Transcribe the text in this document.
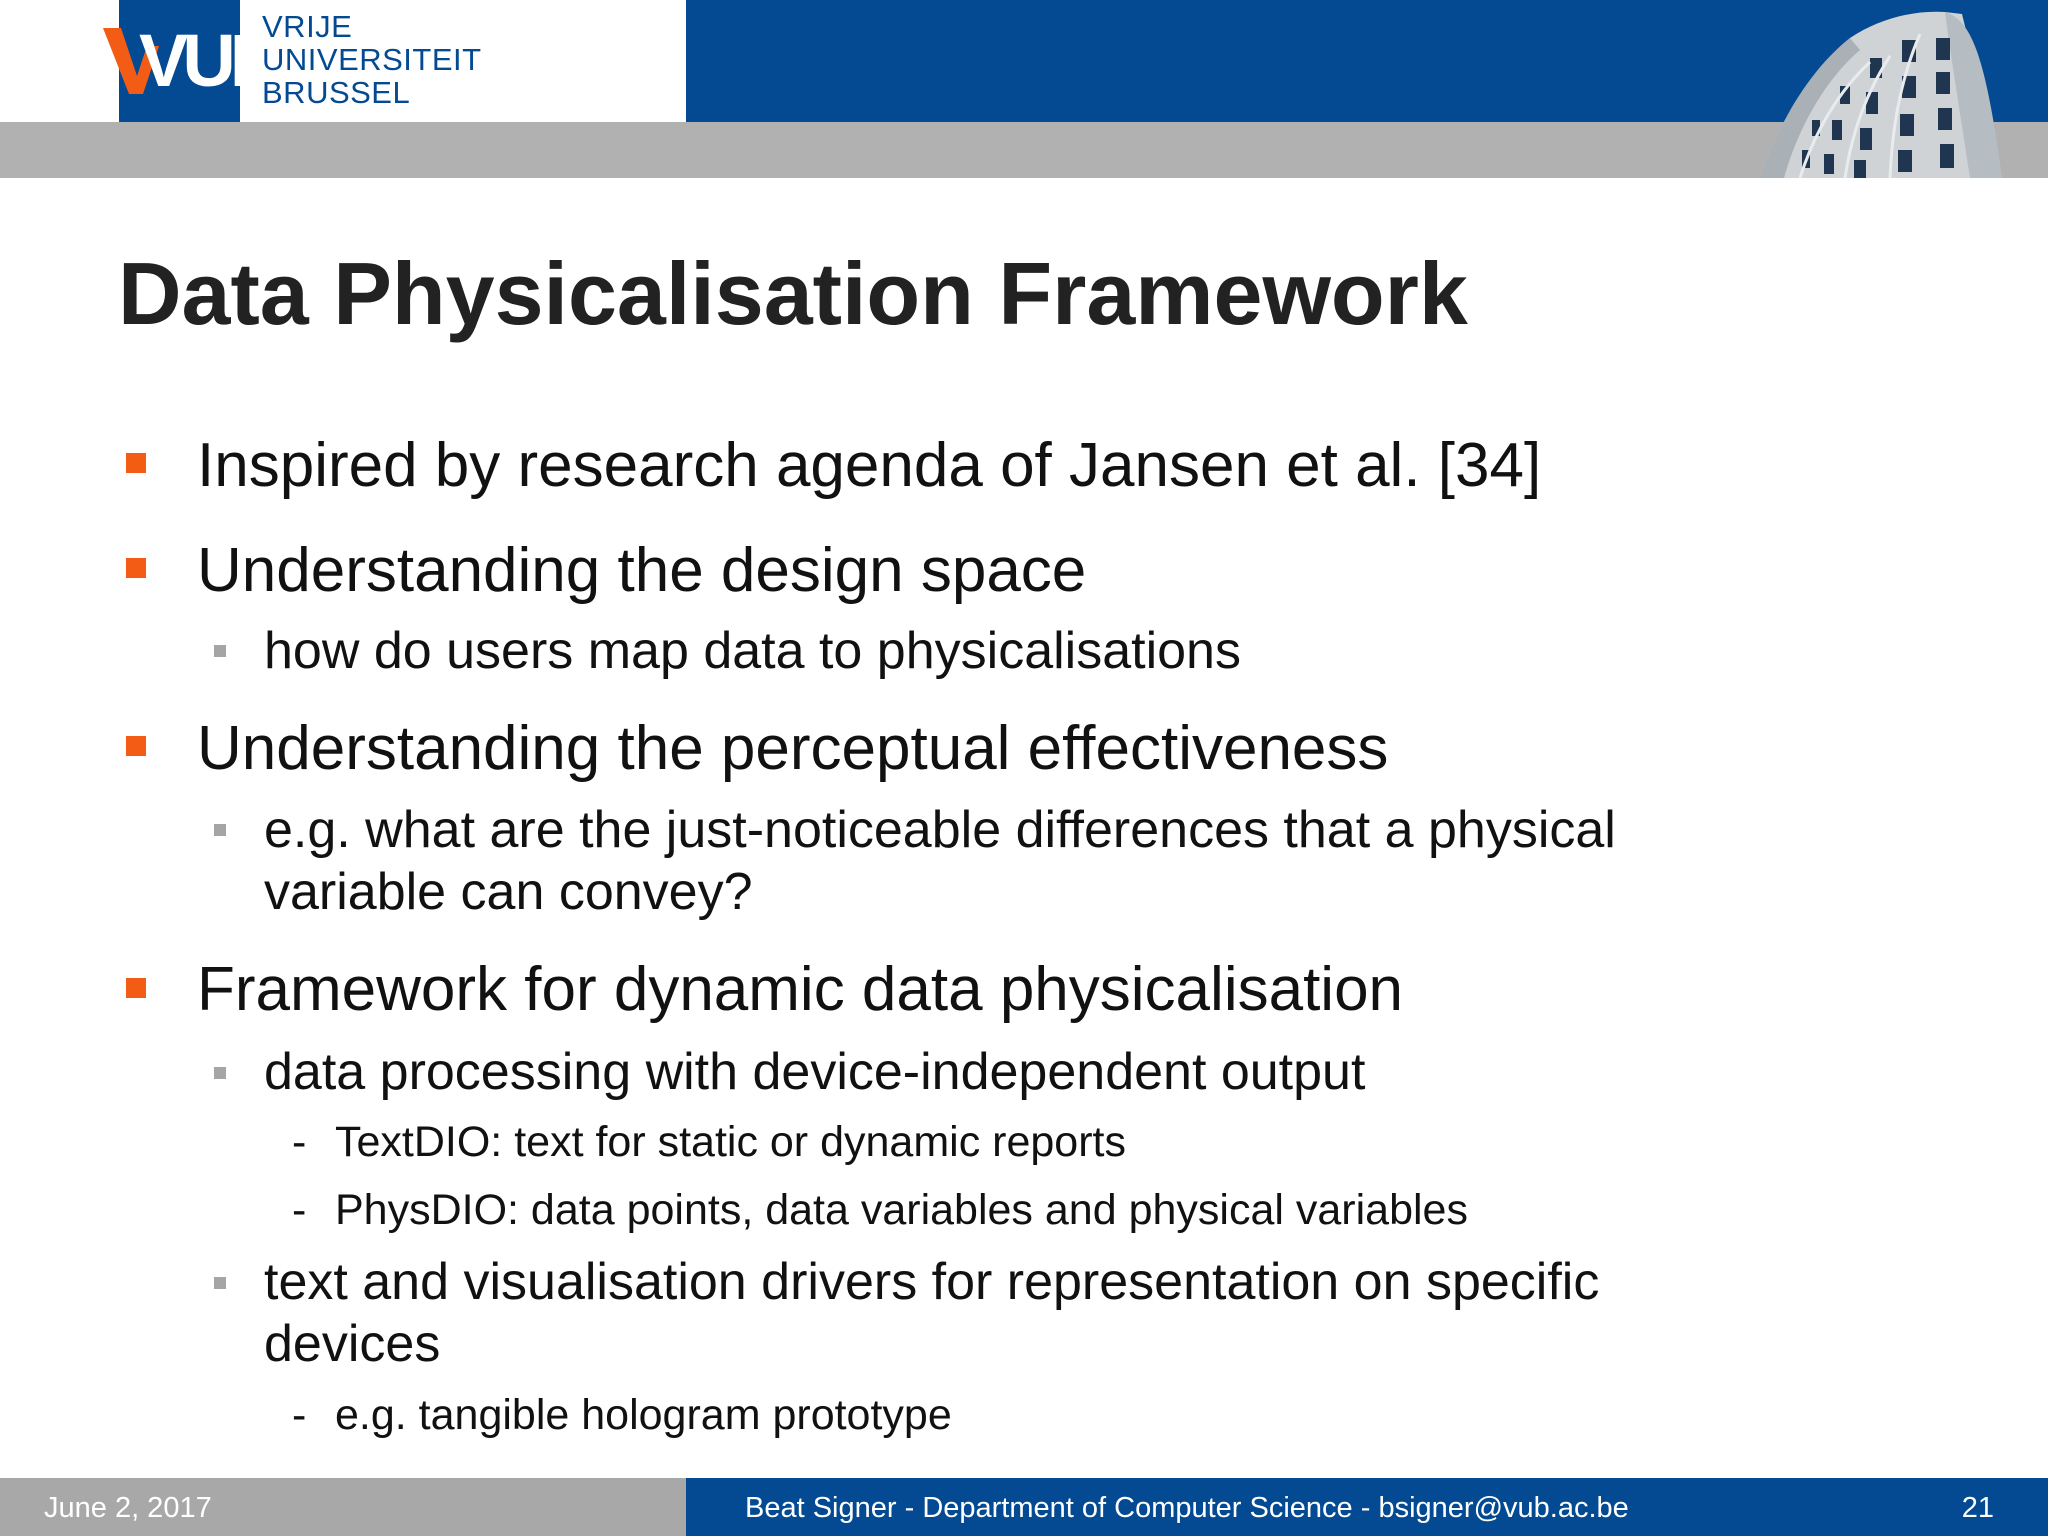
VUB
VRIJE
UNIVERSITEIT
BRUSSEL
Data Physicalisation Framework
Inspired by research agenda of Jansen et al. [34]
Understanding the design space
how do users map data to physicalisations
Understanding the perceptual effectiveness
e.g. what are the just-noticeable differences that a physical
variable can convey?
Framework for dynamic data physicalisation
data processing with device-independent output
- TextDIO: text for static or dynamic reports
- PhysDIO: data points, data variables and physical variables
text and visualisation drivers for representation on specific
devices
- e.g. tangible hologram prototype
June 2, 2017	Beat Signer - Department of Computer Science - bsigner@vub.ac.be	21
